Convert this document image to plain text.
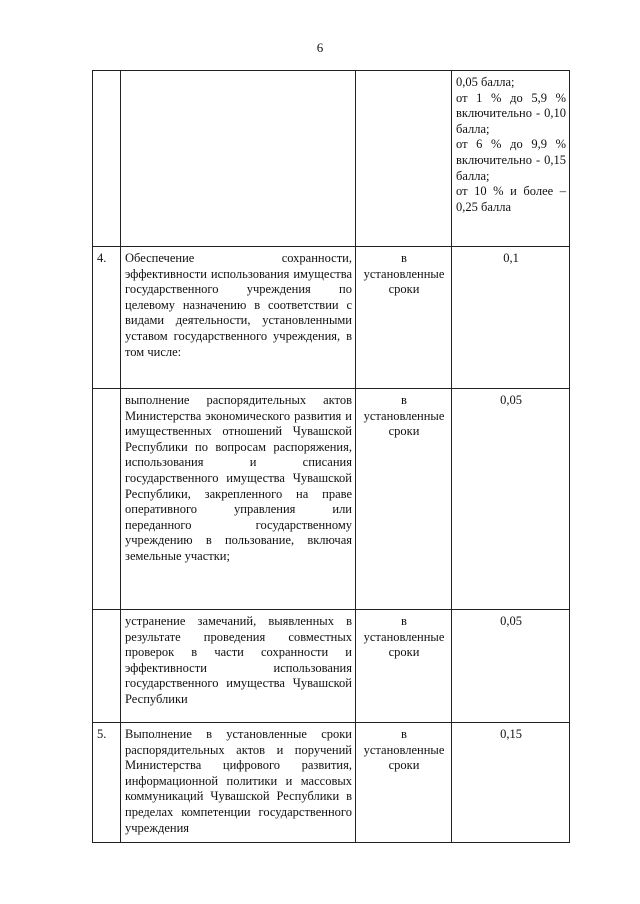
6

			0,05 балла;
от 1 % до 5,9 % включительно - 0,10 балла;
от 6 % до 9,9 % включительно - 0,15 балла;
от 10 % и более – 0,25 балла

4.	Обеспечение сохранности, эффективности использования имущества государственного учреждения по целевому назначению в соответствии с видами деятельности, установленными уставом государственного учреждения, в том числе:	в установленные сроки	0,1
	выполнение распорядительных актов Министерства экономического развития и имущественных отношений Чувашской Республики по вопросам распоряжения, использования и списания государственного имущества Чувашской Республики, закрепленного на праве оперативного управления или переданного государственному учреждению в пользование, включая земельные участки;	в установленные сроки	0,05
	устранение замечаний, выявленных в результате проведения совместных проверок в части сохранности и эффективности использования государственного имущества Чувашской Республики	в установленные сроки	0,05
5.	Выполнение в установленные сроки распорядительных актов и поручений Министерства цифрового развития, информационной политики и массовых коммуникаций Чувашской Республики в пределах компетенции государственного учреждения	в установленные сроки	0,15
